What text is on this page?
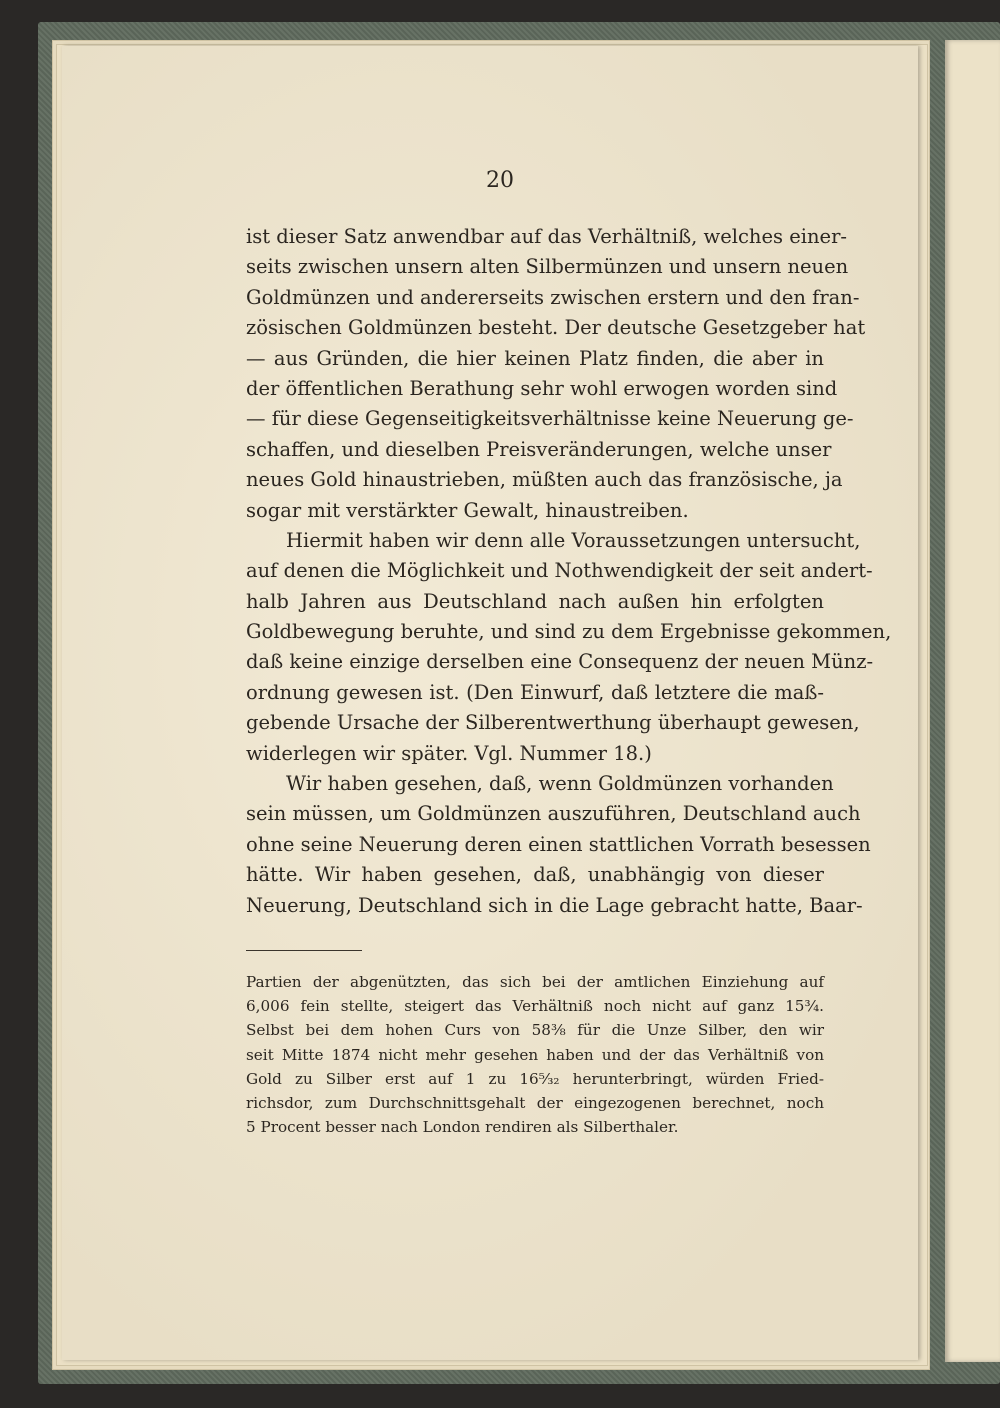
20
ist dieser Satz anwendbar auf das Verhältniß, welches einer-
seits zwischen unsern alten Silbermünzen und unsern neuen
Goldmünzen und andererseits zwischen erstern und den fran-
zösischen Goldmünzen besteht. Der deutsche Gesetzgeber hat
— aus Gründen, die hier keinen Platz finden, die aber in
der öffentlichen Berathung sehr wohl erwogen worden sind
— für diese Gegenseitigkeitsverhältnisse keine Neuerung ge-
schaffen, und dieselben Preisveränderungen, welche unser
neues Gold hinaustrieben, müßten auch das französische, ja
sogar mit verstärkter Gewalt, hinaustreiben.
Hiermit haben wir denn alle Voraussetzungen untersucht,
auf denen die Möglichkeit und Nothwendigkeit der seit andert-
halb Jahren aus Deutschland nach außen hin erfolgten
Goldbewegung beruhte, und sind zu dem Ergebnisse gekommen,
daß keine einzige derselben eine Consequenz der neuen Münz-
ordnung gewesen ist. (Den Einwurf, daß letztere die maß-
gebende Ursache der Silberentwerthung überhaupt gewesen,
widerlegen wir später. Vgl. Nummer 18.)
Wir haben gesehen, daß, wenn Goldmünzen vorhanden
sein müssen, um Goldmünzen auszuführen, Deutschland auch
ohne seine Neuerung deren einen stattlichen Vorrath besessen
hätte. Wir haben gesehen, daß, unabhängig von dieser
Neuerung, Deutschland sich in die Lage gebracht hatte, Baar-
Partien der abgenützten, das sich bei der amtlichen Einziehung auf
6,006 fein stellte, steigert das Verhältniß noch nicht auf ganz 15¾.
Selbst bei dem hohen Curs von 58⅜ für die Unze Silber, den wir
seit Mitte 1874 nicht mehr gesehen haben und der das Verhältniß von
Gold zu Silber erst auf 1 zu 16⁵⁄₃₂ herunterbringt, würden Fried-
richsdor, zum Durchschnittsgehalt der eingezogenen berechnet, noch
5 Procent besser nach London rendiren als Silberthaler.
